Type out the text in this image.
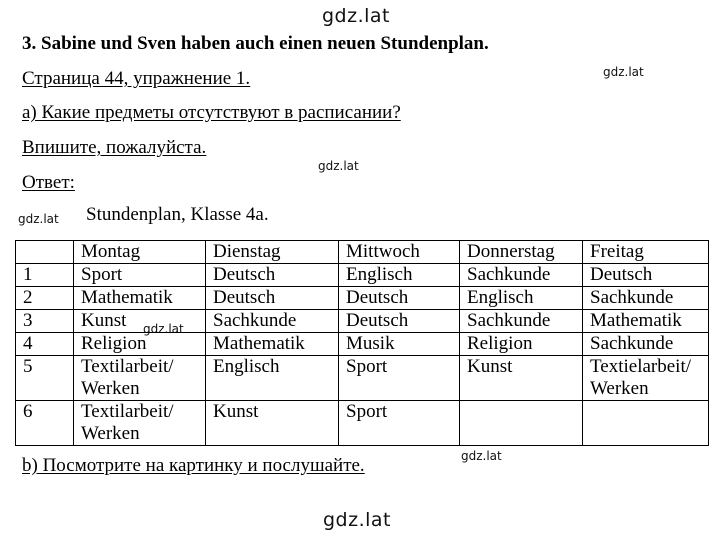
gdz.lat
gdz.lat
gdz.lat
gdz.lat
gdz.lat
gdz.lat
gdz.lat
3. Sabine und Sven haben auch einen neuen Stundenplan.
Страница 44, упражнение 1.
a) Какие предметы отсутствуют в расписании?
Впишите, пожалуйста.
Ответ:
Stundenplan, Klasse 4a.
	Montag	Dienstag	Mittwoch	Donnerstag	Freitag
1	Sport	Deutsch	Englisch	Sachkunde	Deutsch

2	Mathematik	Deutsch	Deutsch	Englisch	Sachkunde

3	Kunst	Sachkunde	Deutsch	Sachkunde	Mathematik

4	Religion	Mathematik	Musik	Religion	Sachkunde

5	Textilarbeit/
Werken	Englisch	Sport	Kunst	Textielarbeit/
Werken

6	Textilarbeit/
Werken	Kunst	Sport		

b) Посмотрите на картинку и послушайте.
